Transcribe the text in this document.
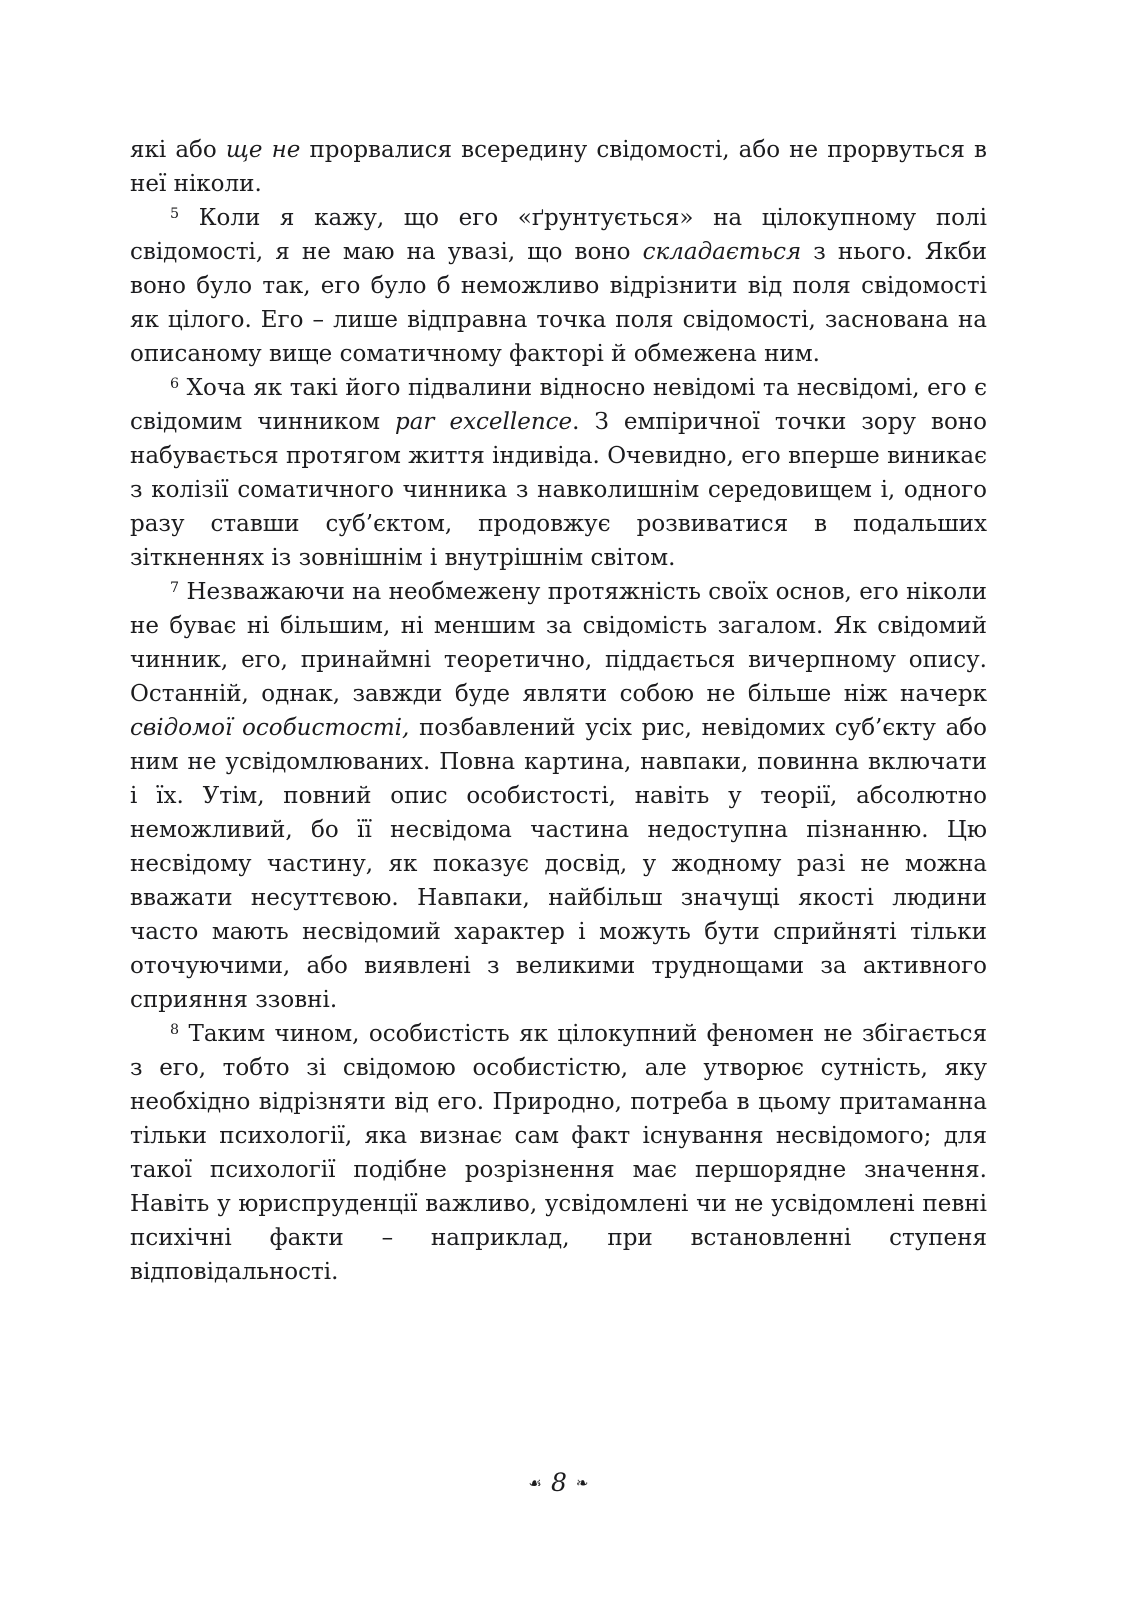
які або ще не прорвалися всередину свідомості, або не прорвуться в неї ніколи.

$^5$ Коли я кажу, що его «ґрунтується» на цілокупному полі свідомості, я не маю на увазі, що воно складається з нього. Якби воно було так, его було б неможливо відрізнити від поля свідомості як цілого. Его – лише відправна точка поля свідомості, заснована на описаному вище соматичному факторі й обмежена ним.

$^6$ Хоча як такі його підвалини відносно невідомі та несвідомі, его є свідомим чинником par excellence. З емпіричної точки зору воно набувається протягом життя індивіда. Очевидно, его вперше виникає з колізії соматичного чинника з навколишнім середовищем і, одного разу ставши суб’єктом, продовжує розвиватися в подальших зіткненнях із зовнішнім і внутрішнім світом.

$^7$ Незважаючи на необмежену протяжність своїх основ, его ніколи не буває ні більшим, ні меншим за свідомість загалом. Як свідомий чинник, его, принаймні теоретично, піддається вичерпному опису. Останній, однак, завжди буде являти собою не більше ніж начерк свідомої особистості, позбавлений усіх рис, невідомих суб’єкту або ним не усвідомлюваних. Повна картина, навпаки, повинна включати і їх. Утім, повний опис особистості, навіть у теорії, абсолютно неможливий, бо її несвідома частина недоступна пізнанню. Цю несвідому частину, як показує досвід, у жодному разі не можна вважати несуттєвою. Навпаки, найбільш значущі якості людини часто мають несвідомий характер і можуть бути сприйняті тільки оточуючими, або виявлені з великими труднощами за активного сприяння ззовні.

$^8$ Таким чином, особистість як цілокупний феномен не збігається з его, тобто зі свідомою особистістю, але утворює сутність, яку необхідно відрізняти від его. Природно, потреба в цьому притаманна тільки психології, яка визнає сам факт існування несвідомого; для такої психології подібне розрізнення має першорядне значення. Навіть у юриспруденції важливо, усвідомлені чи не усвідомлені певні психічні факти – наприклад, при встановленні ступеня відповідальності.

☙ 8 ❧
